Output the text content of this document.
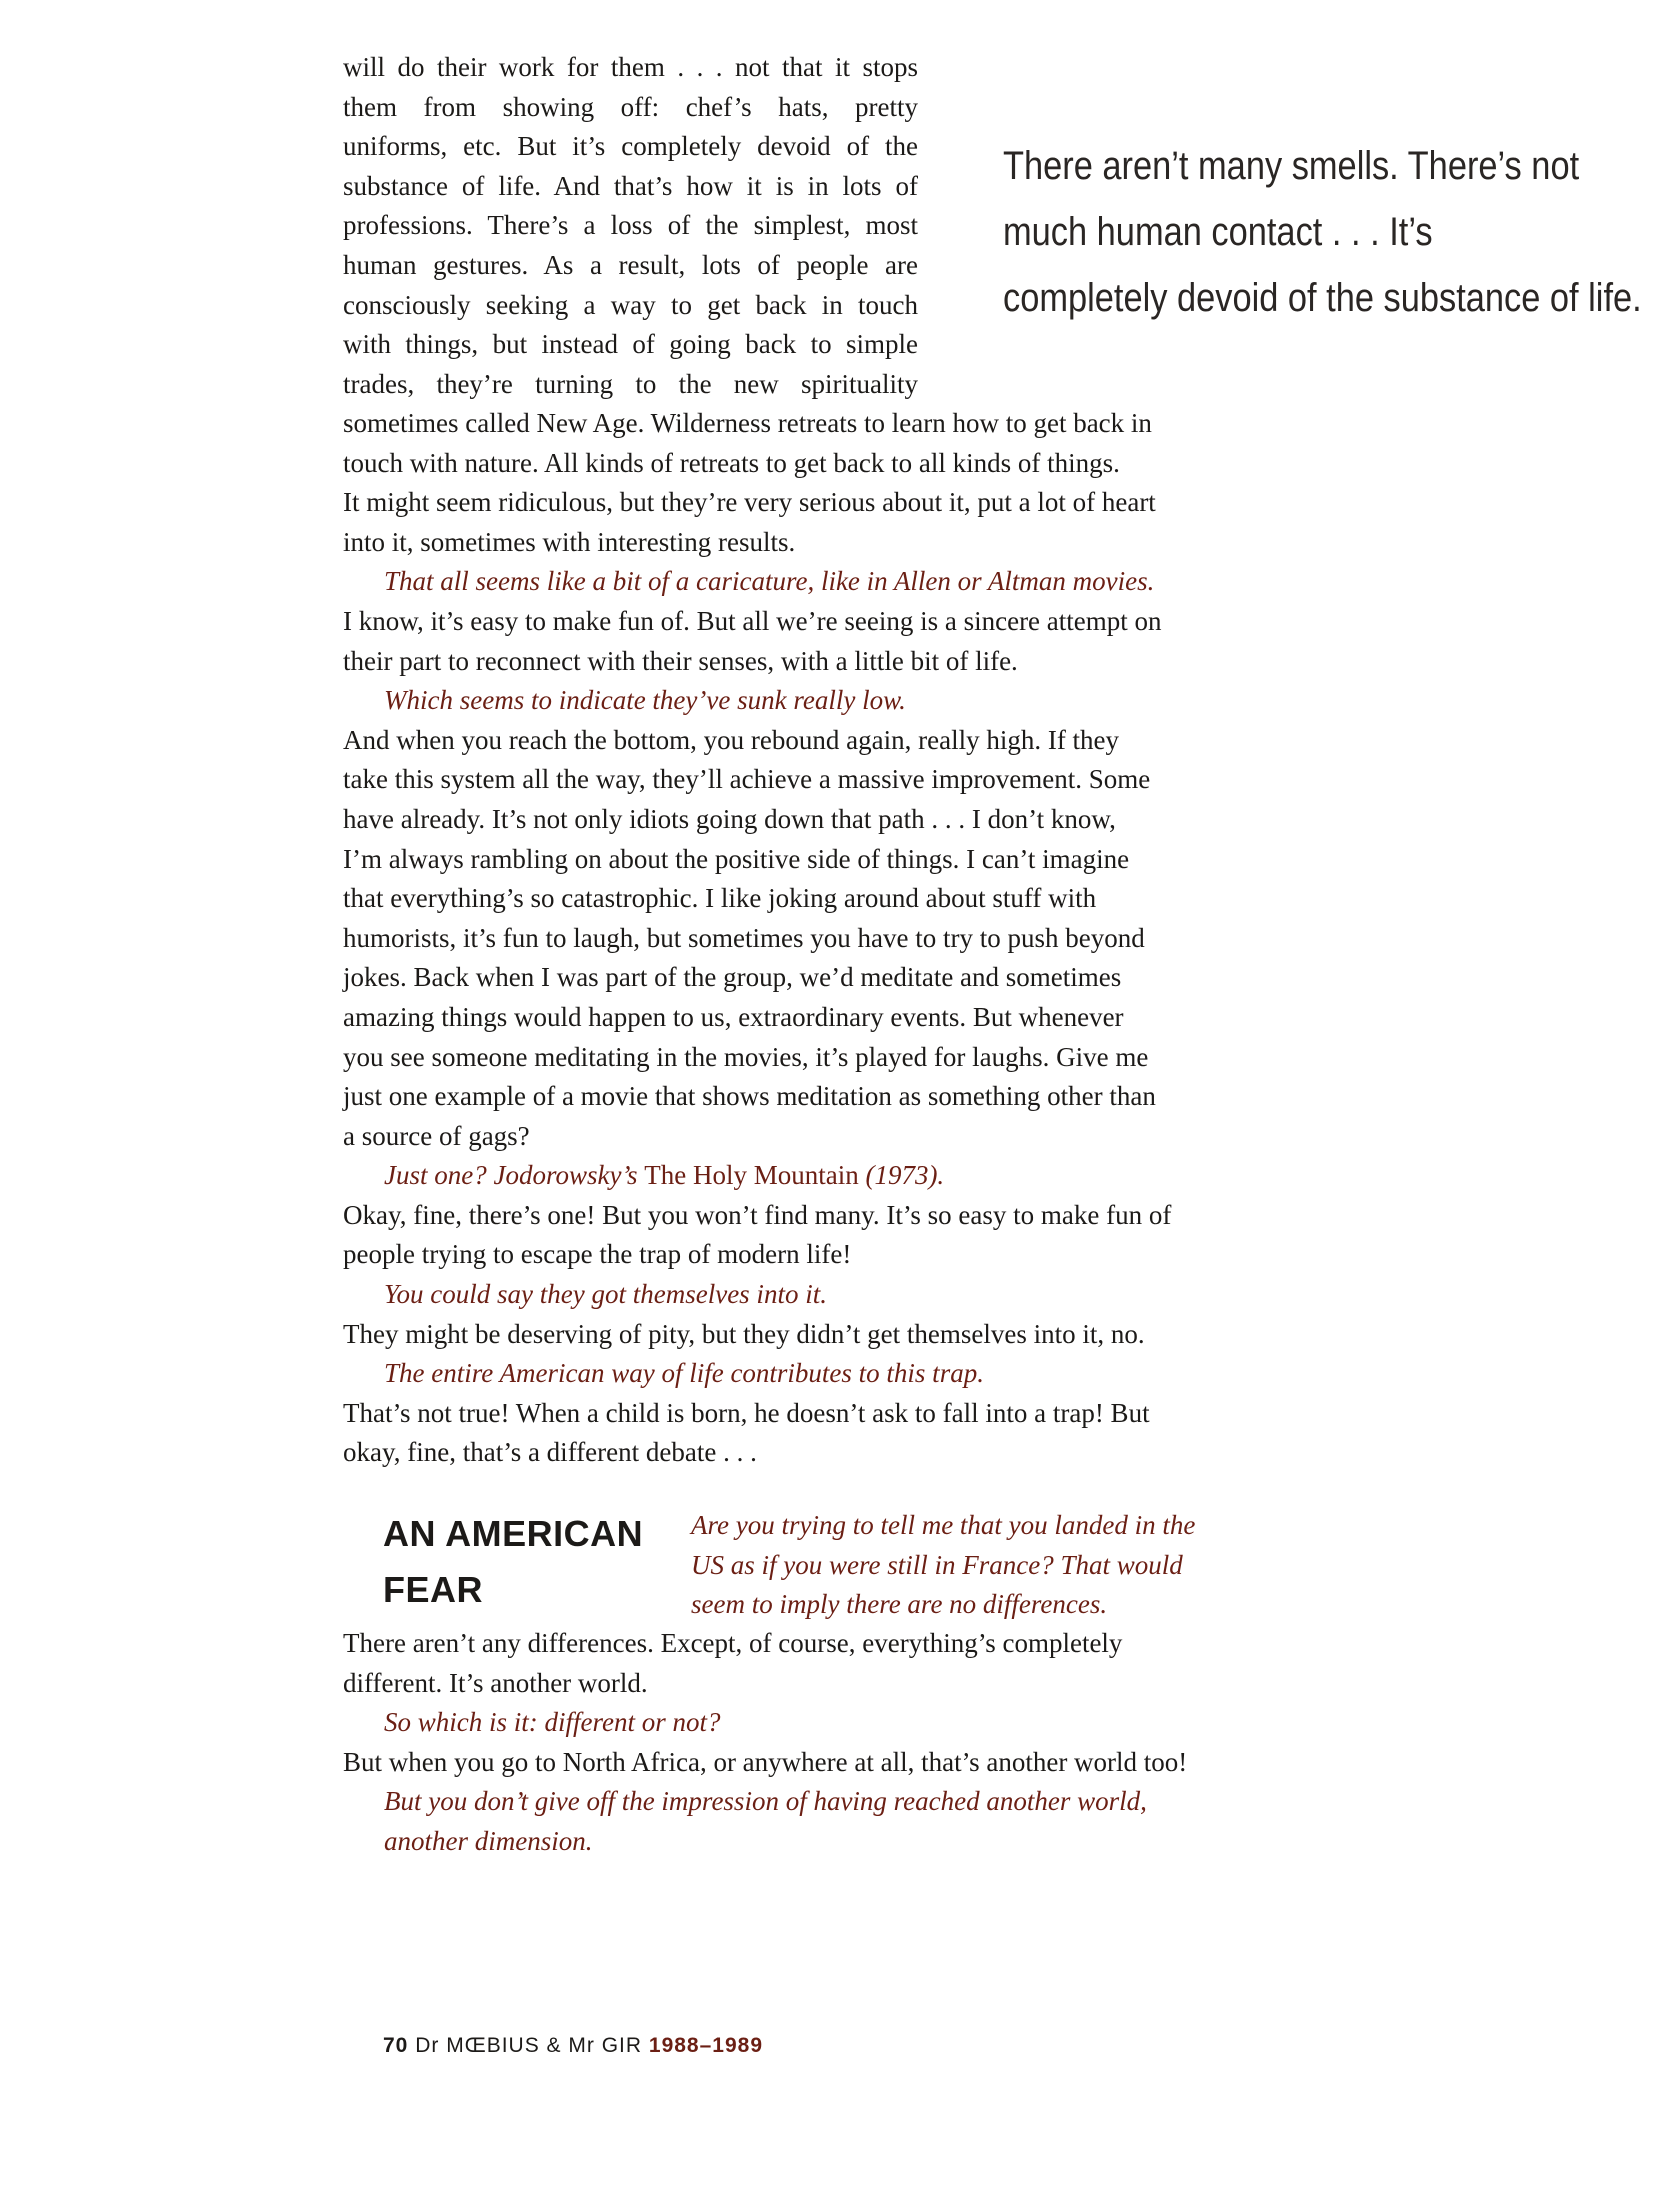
will do their work for them . . . not that it stops
them from showing off: chef’s hats, pretty
uniforms, etc. But it’s completely devoid of the
substance of life. And that’s how it is in lots of
professions. There’s a loss of the simplest, most
human gestures. As a result, lots of people are
consciously seeking a way to get back in touch
with things, but instead of going back to simple
trades, they’re turning to the new spirituality
There aren’t many smells. There’s not
much human contact . . . It’s
completely devoid of the substance of life.
sometimes called New Age. Wilderness retreats to learn how to get back in
touch with nature. All kinds of retreats to get back to all kinds of things.
It might seem ridiculous, but they’re very serious about it, put a lot of heart
into it, sometimes with interesting results.
That all seems like a bit of a caricature, like in Allen or Altman movies.
I know, it’s easy to make fun of. But all we’re seeing is a sincere attempt on
their part to reconnect with their senses, with a little bit of life.
Which seems to indicate they’ve sunk really low.
And when you reach the bottom, you rebound again, really high. If they
take this system all the way, they’ll achieve a massive improvement. Some
have already. It’s not only idiots going down that path . . . I don’t know,
I’m always rambling on about the positive side of things. I can’t imagine
that everything’s so catastrophic. I like joking around about stuff with
humorists, it’s fun to laugh, but sometimes you have to try to push beyond
jokes. Back when I was part of the group, we’d meditate and sometimes
amazing things would happen to us, extraordinary events. But whenever
you see someone meditating in the movies, it’s played for laughs. Give me
just one example of a movie that shows meditation as something other than
a source of gags?
Just one? Jodorowsky’s The Holy Mountain (1973).
Okay, fine, there’s one! But you won’t find many. It’s so easy to make fun of
people trying to escape the trap of modern life!
You could say they got themselves into it.
They might be deserving of pity, but they didn’t get themselves into it, no.
The entire American way of life contributes to this trap.
That’s not true! When a child is born, he doesn’t ask to fall into a trap! But
okay, fine, that’s a different debate . . .
AN AMERICAN
FEAR
Are you trying to tell me that you landed in the
US as if you were still in France? That would
seem to imply there are no differences.
There aren’t any differences. Except, of course, everything’s completely
different. It’s another world.
So which is it: different or not?
But when you go to North Africa, or anywhere at all, that’s another world too!
But you don’t give off the impression of having reached another world,
another dimension.
70 Dr MŒBIUS & Mr GIR 1988–1989
